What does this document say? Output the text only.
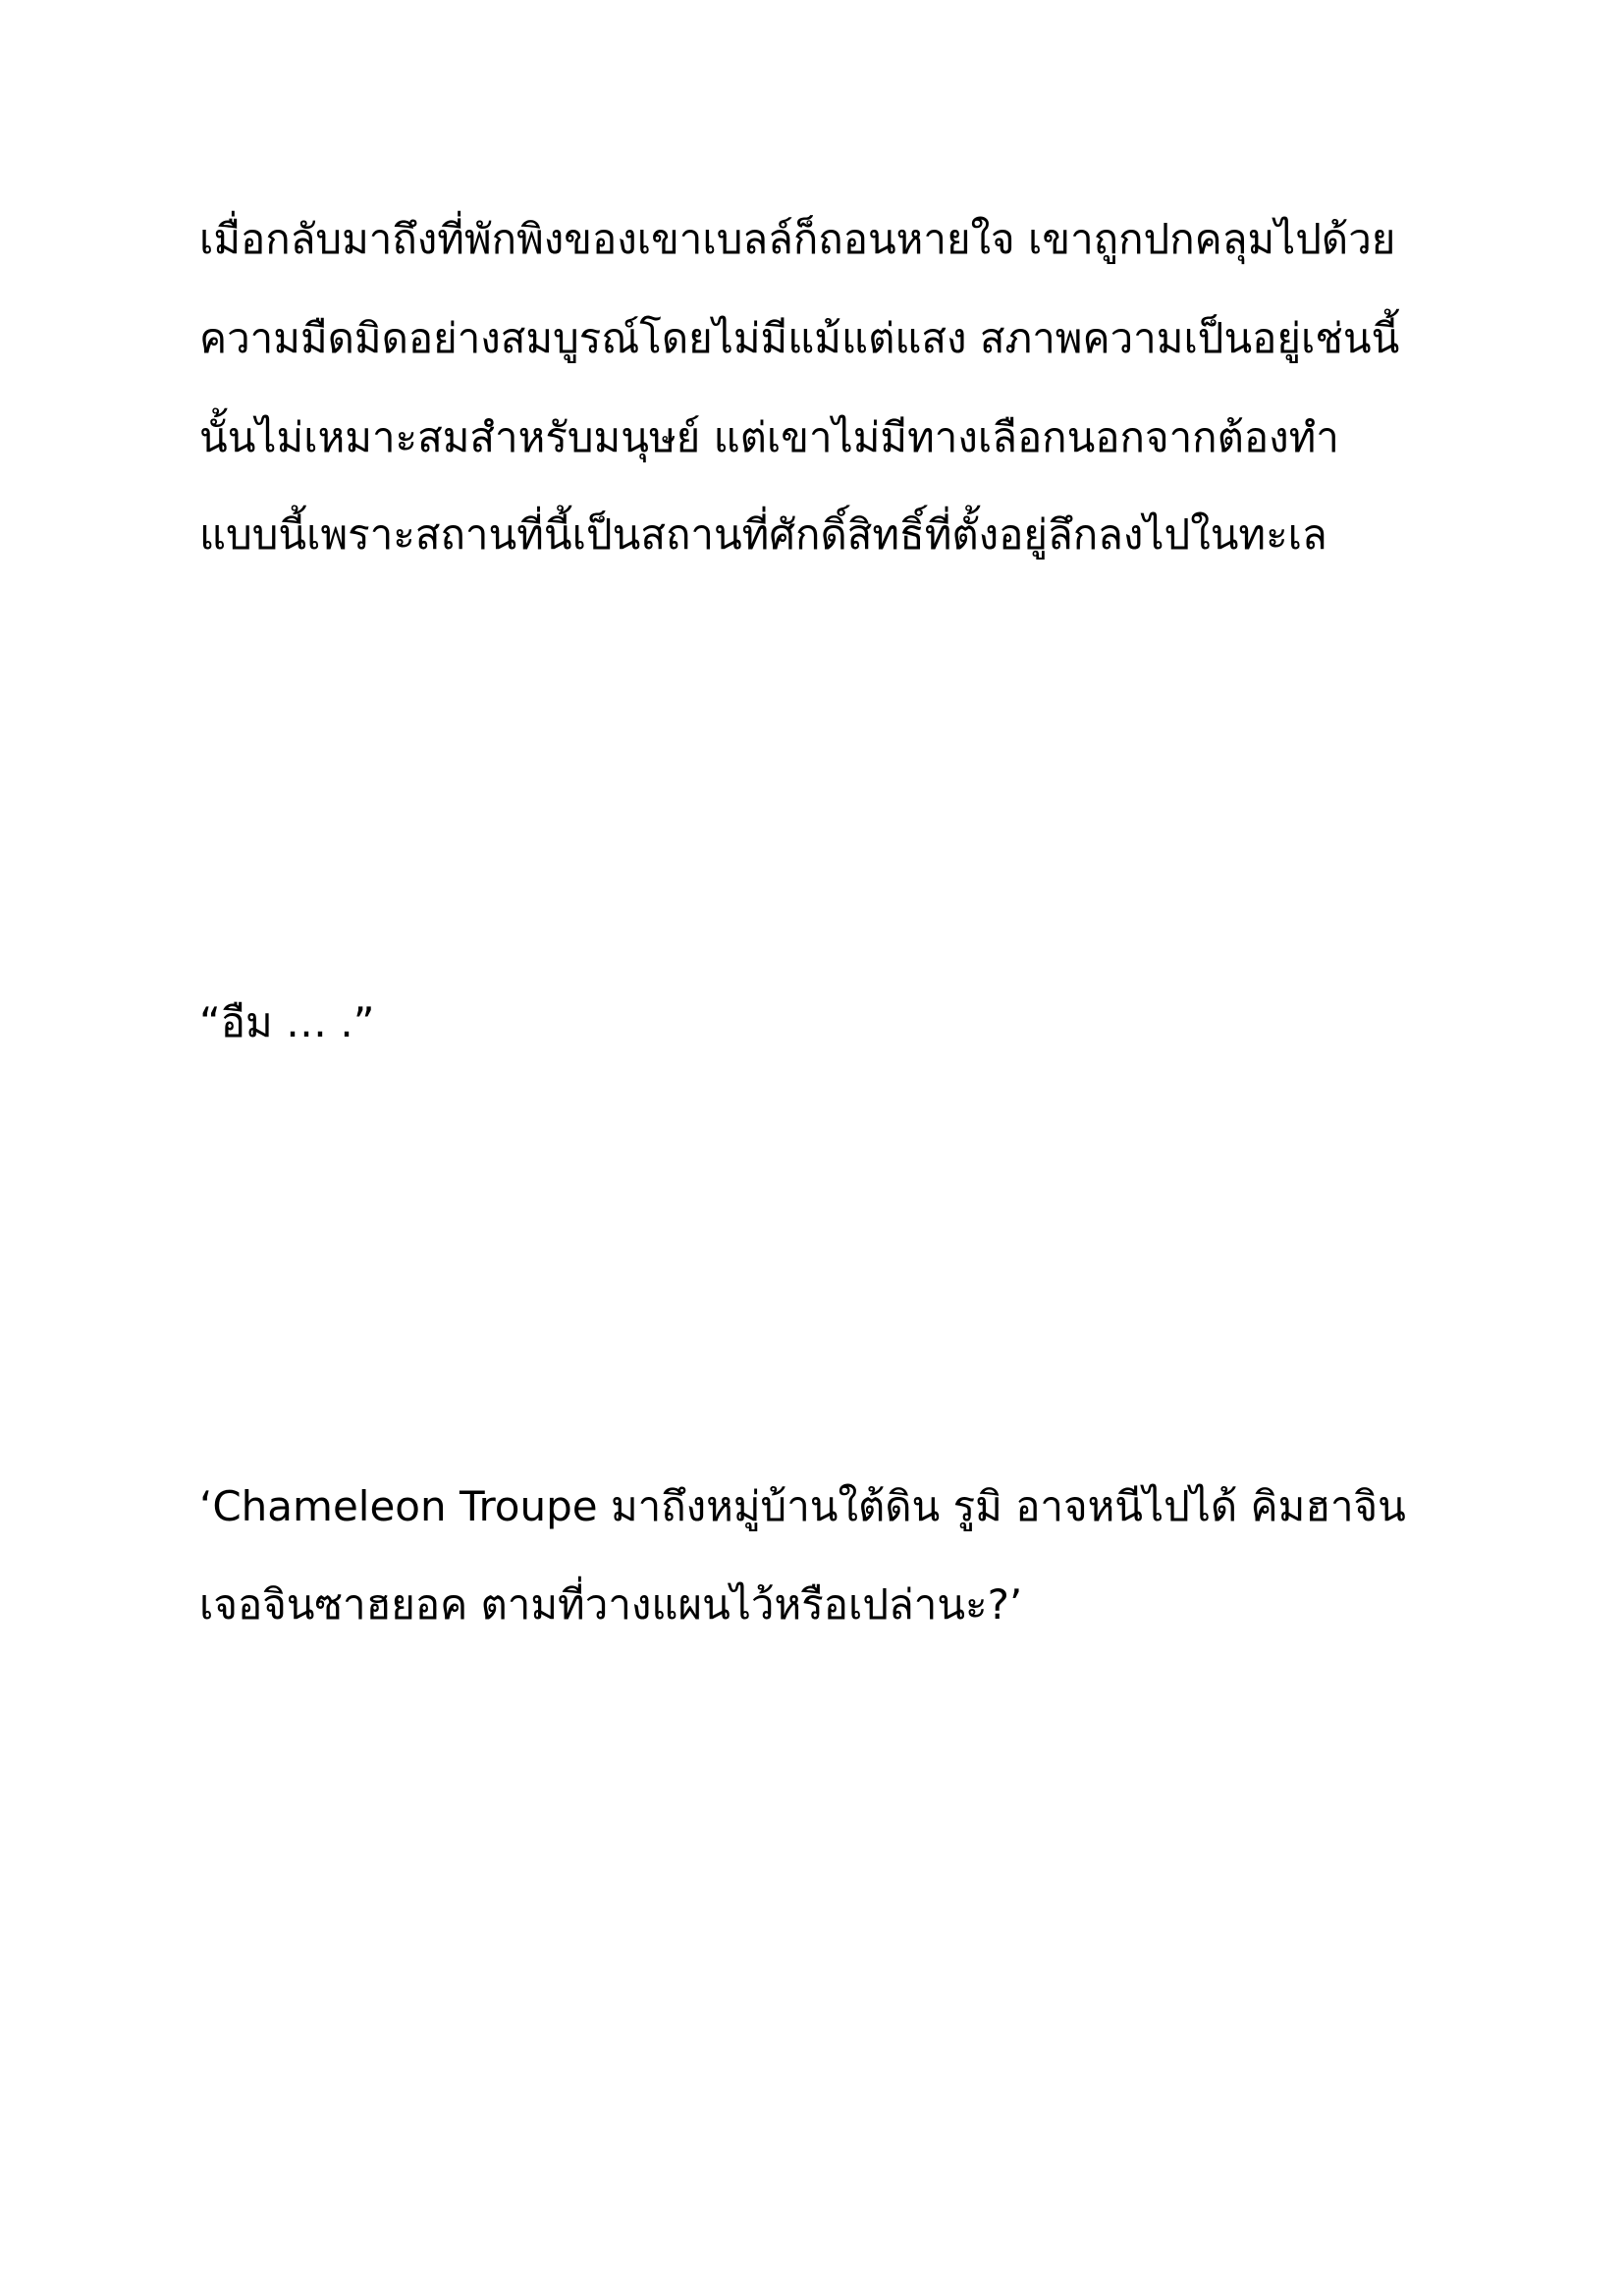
เมื่อกลับมาถึงที่พักพิงของเขาเบลล์ก็ถอนหายใจ เขาถูกปกคลุมไปด้วย
ความมืดมิดอย่างสมบูรณ์โดยไม่มีแม้แต่แสง สภาพความเป็นอยู่เช่นนี้
นั้นไม่เหมาะสมสำหรับมนุษย์ แต่เขาไม่มีทางเลือกนอกจากต้องทำ
แบบนี้เพราะสถานที่นี้เป็นสถานที่ศักดิ์สิทธิ์ที่ตั้งอยู่ลึกลงไปในทะเล
“อืม … .”
‘Chameleon Troupe มาถึงหมู่บ้านใต้ดิน รูมิ อาจหนีไปได้ คิมฮาจิน
เจอจินซาฮยอค ตามที่วางแผนไว้หรือเปล่านะ?’
